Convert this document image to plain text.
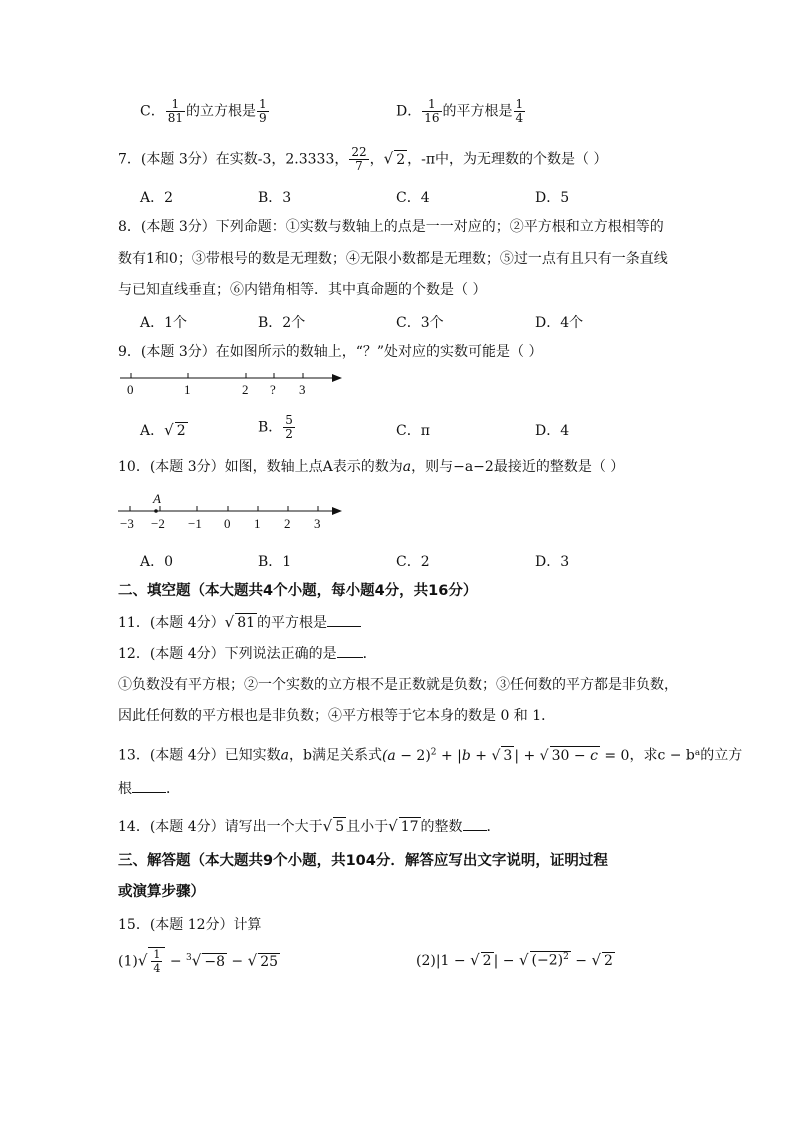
C． $\frac{1}{81}$ 的立方根是 $\frac{1}{9}$	D． $\frac{1}{16}$ 的平方根是 $\frac{1}{4}$
7．(本题 3分）在实数-3，2.3333， $\frac{22}{7}$ ，√ 2 ，-π中，为无理数的个数是（ ）
A．2	B．3	C．4	D．5
8．(本题 3分）下列命题：①实数与数轴上的点是一一对应的；②平方根和立方根相等的
数有1和0；③带根号的数是无理数；④无限小数都是无理数；⑤过一点有且只有一条直线
与已知直线垂直；⑥内错角相等．其中真命题的个数是（ ）
A．1个	B．2个	C．3个	D．4个
9．(本题 3分）在如图所示的数轴上，“？”处对应的实数可能是（ ）
0	1	2 ? 3
A．√ 2	B． $\frac{5}{2}$	C．π	D．4
10．(本题 3分）如图，数轴上点A表示的数为a，则与−a−2最接近的整数是（ ）
A
−3 −2 −1 0 1 2 3
A．0	B．1	C．2	D．3
二、填空题（本大题共4个小题，每小题4分，共16分）
11．(本题 4分）√ 81 的平方根是
12．(本题 4分）下列说法正确的是 ．
①负数没有平方根；②一个实数的立方根不是正数就是负数；③任何数的平方都是非负数，
因此任何数的平方根也是非负数；④平方根等于它本身的数是 0 和 1．
13．(本题 4分）已知实数a，b满足关系式$(a - 2)^2 + |b$ + √ 3 | + √ 30 − c = 0，求c − bᵃ的立方
根 ．
14．(本题 4分）请写出一个大于√ 5 且小于√ 17 的整数 ．
三、解答题（本大题共9个小题，共104分．解答应写出文字说明，证明过程
或演算步骤）
15．(本题 12分）计算
$(1)√ \frac{1}{4} - ^3√ -8$ − √ 25	(2)|1 − √ 2 | − √ $(-2)^2$ − √ 2
